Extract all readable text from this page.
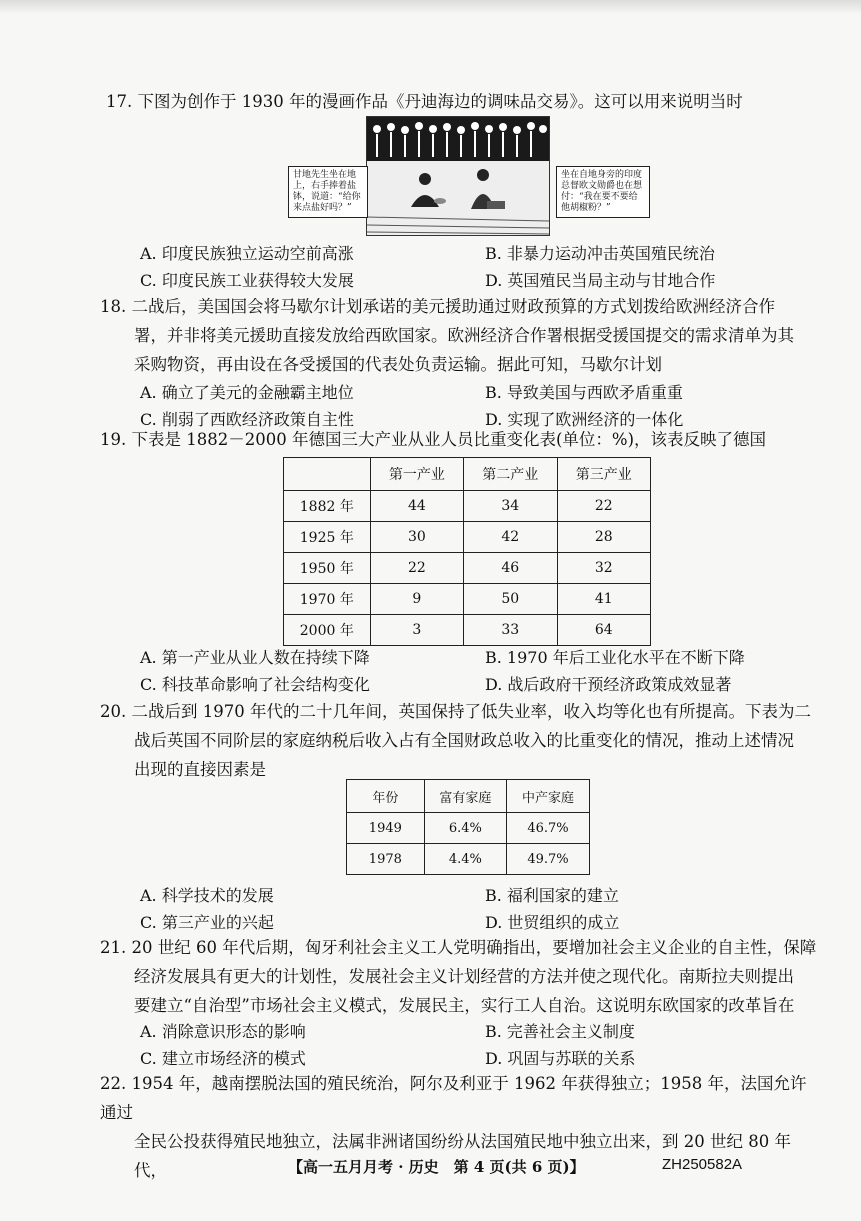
17. 下图为创作于 1930 年的漫画作品《丹迪海边的调味品交易》。这可以用来说明当时
甘地先生坐在地上，右手捧着盐钵，说道：“给你来点盐好吗？”
坐在自地身旁的印度总督欧文勋爵也在想付：“我在要不要给他胡椒粉？”
A. 印度民族独立运动空前高涨	B. 非暴力运动冲击英国殖民统治
C. 印度民族工业获得较大发展	D. 英国殖民当局主动与甘地合作
18. 二战后，美国国会将马歇尔计划承诺的美元援助通过财政预算的方式划拨给欧洲经济合作
署，并非将美元援助直接发放给西欧国家。欧洲经济合作署根据受援国提交的需求清单为其
采购物资，再由设在各受援国的代表处负责运输。据此可知，马歇尔计划
A. 确立了美元的金融霸主地位	B. 导致美国与西欧矛盾重重
C. 削弱了西欧经济政策自主性	D. 实现了欧洲经济的一体化
19. 下表是 1882－2000 年德国三大产业从业人员比重变化表(单位：%)，该表反映了德国
	第一产业	第二产业	第三产业
1882 年	44	34	22
1925 年	30	42	28
1950 年	22	46	32
1970 年	9	50	41
2000 年	3	33	64
A. 第一产业从业人数在持续下降	B. 1970 年后工业化水平在不断下降
C. 科技革命影响了社会结构变化	D. 战后政府干预经济政策成效显著
20. 二战后到 1970 年代的二十几年间，英国保持了低失业率，收入均等化也有所提高。下表为二
战后英国不同阶层的家庭纳税后收入占有全国财政总收入的比重变化的情况，推动上述情况
出现的直接因素是
年份	富有家庭	中产家庭
1949	6.4%	46.7%
1978	4.4%	49.7%
A. 科学技术的发展	B. 福利国家的建立
C. 第三产业的兴起	D. 世贸组织的成立
21. 20 世纪 60 年代后期，匈牙利社会主义工人党明确指出，要增加社会主义企业的自主性，保障
经济发展具有更大的计划性，发展社会主义计划经营的方法并使之现代化。南斯拉夫则提出
要建立“自治型”市场社会主义模式，发展民主，实行工人自治。这说明东欧国家的改革旨在
A. 消除意识形态的影响	B. 完善社会主义制度
C. 建立市场经济的模式	D. 巩固与苏联的关系
22. 1954 年，越南摆脱法国的殖民统治，阿尔及利亚于 1962 年获得独立；1958 年，法国允许通过
全民公投获得殖民地独立，法属非洲诸国纷纷从法国殖民地中独立出来，到 20 世纪 80 年代，	【高一五月月考 · 历史　第 4 页(共 6 页)】	ZH250582A
